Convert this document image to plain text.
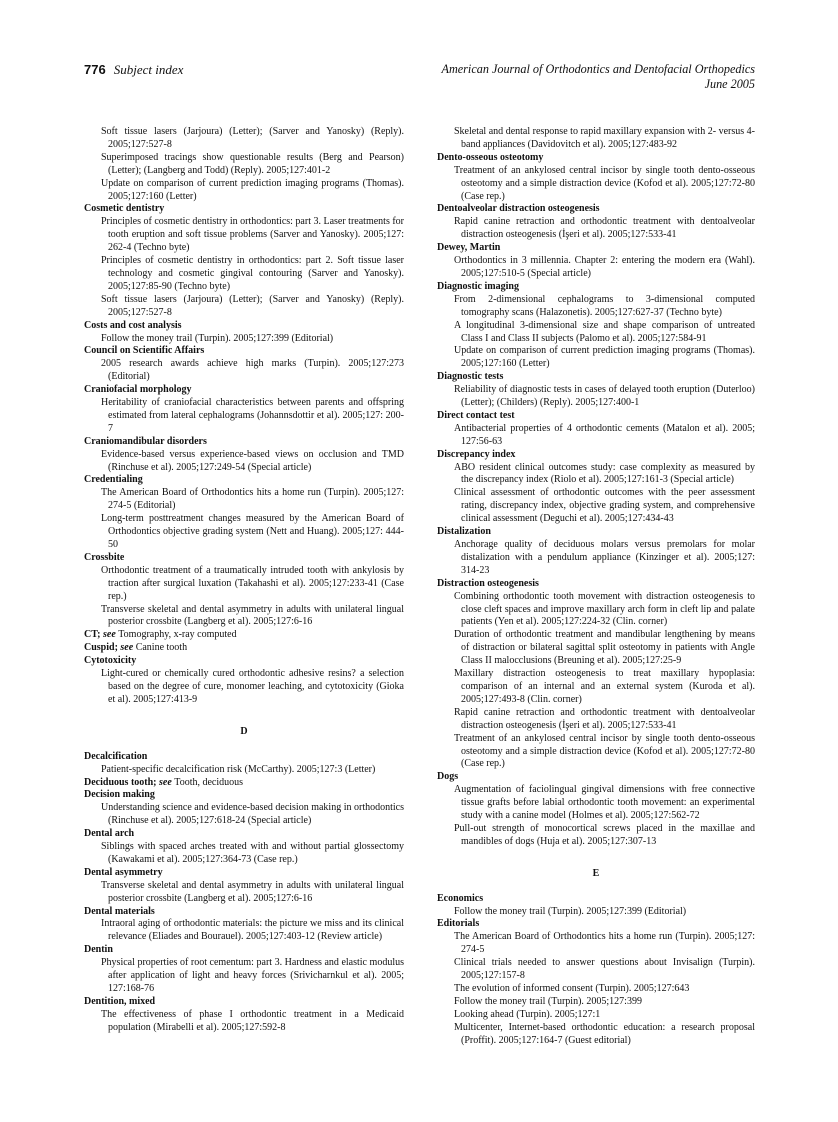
776 Subject index	American Journal of Orthodontics and Dentofacial Orthopedics
June 2005
Soft tissue lasers (Jarjoura) (Letter); (Sarver and Yanosky) (Reply). 2005;127:527-8
Superimposed tracings show questionable results (Berg and Pearson) (Letter); (Langberg and Todd) (Reply). 2005;127:401-2
Update on comparison of current prediction imaging programs (Thomas). 2005;127:160 (Letter)
Cosmetic dentistry
Principles of cosmetic dentistry in orthodontics: part 3. Laser treatments for tooth eruption and soft tissue problems (Sarver and Yanosky). 2005;127: 262-4 (Techno byte)
Principles of cosmetic dentistry in orthodontics: part 2. Soft tissue laser technology and cosmetic gingival contouring (Sarver and Yanosky). 2005;127:85-90 (Techno byte)
Soft tissue lasers (Jarjoura) (Letter); (Sarver and Yanosky) (Reply). 2005;127:527-8
Costs and cost analysis
Follow the money trail (Turpin). 2005;127:399 (Editorial)
Council on Scientific Affairs
2005 research awards achieve high marks (Turpin). 2005;127:273 (Editorial)
Craniofacial morphology
Heritability of craniofacial characteristics between parents and offspring estimated from lateral cephalograms (Johannsdottir et al). 2005;127: 200-7
Craniomandibular disorders
Evidence-based versus experience-based views on occlusion and TMD (Rinchuse et al). 2005;127:249-54 (Special article)
Credentialing
The American Board of Orthodontics hits a home run (Turpin). 2005;127: 274-5 (Editorial)
Long-term posttreatment changes measured by the American Board of Orthodontics objective grading system (Nett and Huang). 2005;127: 444-50
Crossbite
Orthodontic treatment of a traumatically intruded tooth with ankylosis by traction after surgical luxation (Takahashi et al). 2005;127:233-41 (Case rep.)
Transverse skeletal and dental asymmetry in adults with unilateral lingual posterior crossbite (Langberg et al). 2005;127:6-16
CT; see Tomography, x-ray computed
Cuspid; see Canine tooth
Cytotoxicity
Light-cured or chemically cured orthodontic adhesive resins? a selection based on the degree of cure, monomer leaching, and cytotoxicity (Gioka et al). 2005;127:413-9
D
Decalcification
Patient-specific decalcification risk (McCarthy). 2005;127:3 (Letter)
Deciduous tooth; see Tooth, deciduous
Decision making
Understanding science and evidence-based decision making in orthodontics (Rinchuse et al). 2005;127:618-24 (Special article)
Dental arch
Siblings with spaced arches treated with and without partial glossectomy (Kawakami et al). 2005;127:364-73 (Case rep.)
Dental asymmetry
Transverse skeletal and dental asymmetry in adults with unilateral lingual posterior crossbite (Langberg et al). 2005;127:6-16
Dental materials
Intraoral aging of orthodontic materials: the picture we miss and its clinical relevance (Eliades and Bourauel). 2005;127:403-12 (Review article)
Dentin
Physical properties of root cementum: part 3. Hardness and elastic modulus after application of light and heavy forces (Srivicharnkul et al). 2005; 127:168-76
Dentition, mixed
The effectiveness of phase I orthodontic treatment in a Medicaid population (Mirabelli et al). 2005;127:592-8
Skeletal and dental response to rapid maxillary expansion with 2- versus 4-band appliances (Davidovitch et al). 2005;127:483-92
Dento-osseous osteotomy
Treatment of an ankylosed central incisor by single tooth dento-osseous osteotomy and a simple distraction device (Kofod et al). 2005;127:72-80 (Case rep.)
Dentoalveolar distraction osteogenesis
Rapid canine retraction and orthodontic treatment with dentoalveolar distraction osteogenesis (İşeri et al). 2005;127:533-41
Dewey, Martin
Orthodontics in 3 millennia. Chapter 2: entering the modern era (Wahl). 2005;127:510-5 (Special article)
Diagnostic imaging
From 2-dimensional cephalograms to 3-dimensional computed tomography scans (Halazonetis). 2005;127:627-37 (Techno byte)
A longitudinal 3-dimensional size and shape comparison of untreated Class I and Class II subjects (Palomo et al). 2005;127:584-91
Update on comparison of current prediction imaging programs (Thomas). 2005;127:160 (Letter)
Diagnostic tests
Reliability of diagnostic tests in cases of delayed tooth eruption (Duterloo) (Letter); (Childers) (Reply). 2005;127:400-1
Direct contact test
Antibacterial properties of 4 orthodontic cements (Matalon et al). 2005; 127:56-63
Discrepancy index
ABO resident clinical outcomes study: case complexity as measured by the discrepancy index (Riolo et al). 2005;127:161-3 (Special article)
Clinical assessment of orthodontic outcomes with the peer assessment rating, discrepancy index, objective grading system, and comprehensive clinical assessment (Deguchi et al). 2005;127:434-43
Distalization
Anchorage quality of deciduous molars versus premolars for molar distalization with a pendulum appliance (Kinzinger et al). 2005;127: 314-23
Distraction osteogenesis
Combining orthodontic tooth movement with distraction osteogenesis to close cleft spaces and improve maxillary arch form in cleft lip and palate patients (Yen et al). 2005;127:224-32 (Clin. corner)
Duration of orthodontic treatment and mandibular lengthening by means of distraction or bilateral sagittal split osteotomy in patients with Angle Class II malocclusions (Breuning et al). 2005;127:25-9
Maxillary distraction osteogenesis to treat maxillary hypoplasia: comparison of an internal and an external system (Kuroda et al). 2005;127:493-8 (Clin. corner)
Rapid canine retraction and orthodontic treatment with dentoalveolar distraction osteogenesis (İşeri et al). 2005;127:533-41
Treatment of an ankylosed central incisor by single tooth dento-osseous osteotomy and a simple distraction device (Kofod et al). 2005;127:72-80 (Case rep.)
Dogs
Augmentation of faciolingual gingival dimensions with free connective tissue grafts before labial orthodontic tooth movement: an experimental study with a canine model (Holmes et al). 2005;127:562-72
Pull-out strength of monocortical screws placed in the maxillae and mandibles of dogs (Huja et al). 2005;127:307-13
E
Economics
Follow the money trail (Turpin). 2005;127:399 (Editorial)
Editorials
The American Board of Orthodontics hits a home run (Turpin). 2005;127: 274-5
Clinical trials needed to answer questions about Invisalign (Turpin). 2005;127:157-8
The evolution of informed consent (Turpin). 2005;127:643
Follow the money trail (Turpin). 2005;127:399
Looking ahead (Turpin). 2005;127:1
Multicenter, Internet-based orthodontic education: a research proposal (Proffit). 2005;127:164-7 (Guest editorial)
